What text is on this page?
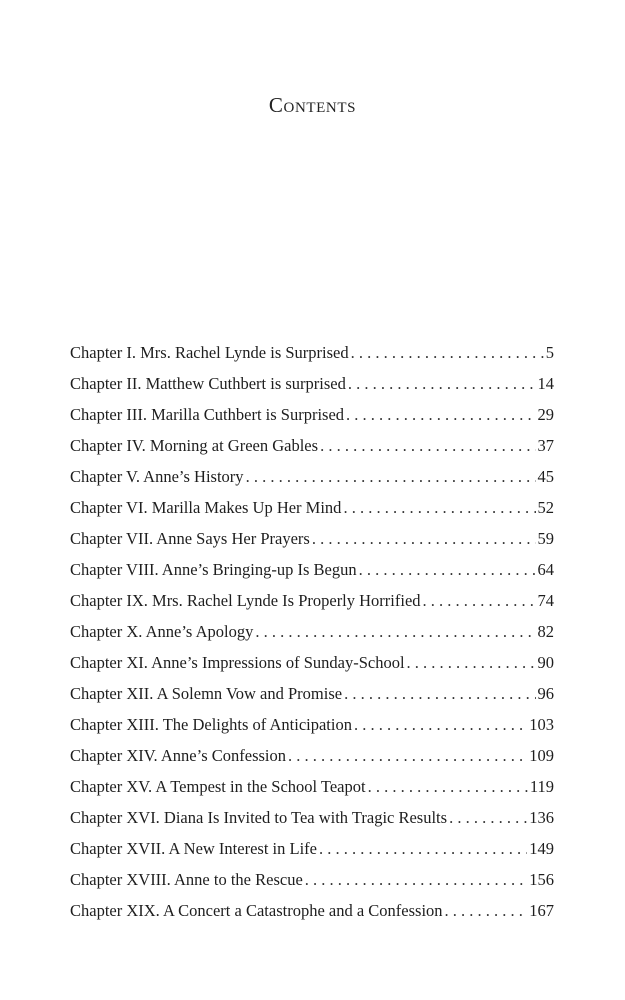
Contents
Chapter I. Mrs. Rachel Lynde is Surprised . . .	5
Chapter II. Matthew Cuthbert is surprised . . .	14
Chapter III. Marilla Cuthbert is Surprised . . .	29
Chapter IV. Morning at Green Gables . . .	37
Chapter V. Anne’s History . . .	45
Chapter VI. Marilla Makes Up Her Mind . . .	52
Chapter VII. Anne Says Her Prayers . . .	59
Chapter VIII. Anne’s Bringing-up Is Begun . . .	64
Chapter IX. Mrs. Rachel Lynde Is Properly Horrified . . .	74
Chapter X. Anne’s Apology . . .	82
Chapter XI. Anne’s Impressions of Sunday-School . . .	90
Chapter XII. A Solemn Vow and Promise . . .	96
Chapter XIII. The Delights of Anticipation . . .	103
Chapter XIV. Anne’s Confession . . .	109
Chapter XV. A Tempest in the School Teapot . . .	119
Chapter XVI. Diana Is Invited to Tea with Tragic Results . . .	136
Chapter XVII. A New Interest in Life . . .	149
Chapter XVIII. Anne to the Rescue . . .	156
Chapter XIX. A Concert a Catastrophe and a Confession . . .	167
